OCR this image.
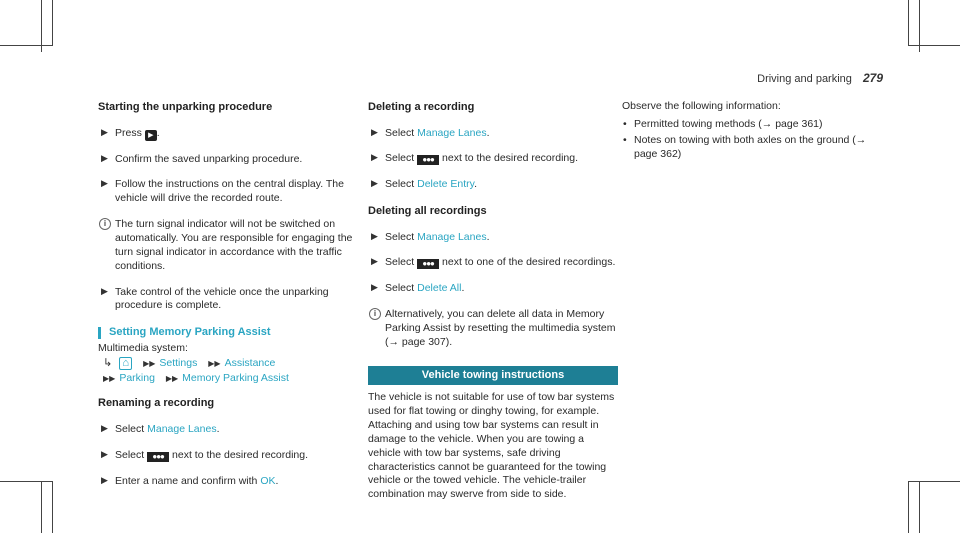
Driving and parking 279
Starting the unparking procedure
▶ Press ▶ .
▶ Confirm the saved unparking procedure.
▶ Follow the instructions on the central display. The vehicle will drive the recorded route.
i The turn signal indicator will not be switched on automatically. You are responsible for engaging the turn signal indicator in accordance with the traffic conditions.
▶ Take control of the vehicle once the unparking procedure is complete.
Setting Memory Parking Assist
Multimedia system:
↳ ⌂ ▶▶ Settings ▶▶ Assistance
▶▶ Parking ▶▶ Memory Parking Assist
Renaming a recording
▶ Select Manage Lanes.
▶ Select ●●● next to the desired recording.
▶ Enter a name and confirm with OK.
Deleting a recording
▶ Select Manage Lanes.
▶ Select ●●● next to the desired recording.
▶ Select Delete Entry.
Deleting all recordings
▶ Select Manage Lanes.
▶ Select ●●● next to one of the desired recordings.
▶ Select Delete All.
i Alternatively, you can delete all data in Memory Parking Assist by resetting the multimedia system (→ page 307).
Vehicle towing instructions
The vehicle is not suitable for use of tow bar systems used for flat towing or dinghy towing, for example. Attaching and using tow bar systems can result in damage to the vehicle. When you are towing a vehicle with tow bar systems, safe driving characteristics cannot be guaranteed for the towing vehicle or the towed vehicle. The vehicle-trailer combination may swerve from side to side.
Observe the following information:
• Permitted towing methods (→ page 361)
• Notes on towing with both axles on the ground (→ page 362)
